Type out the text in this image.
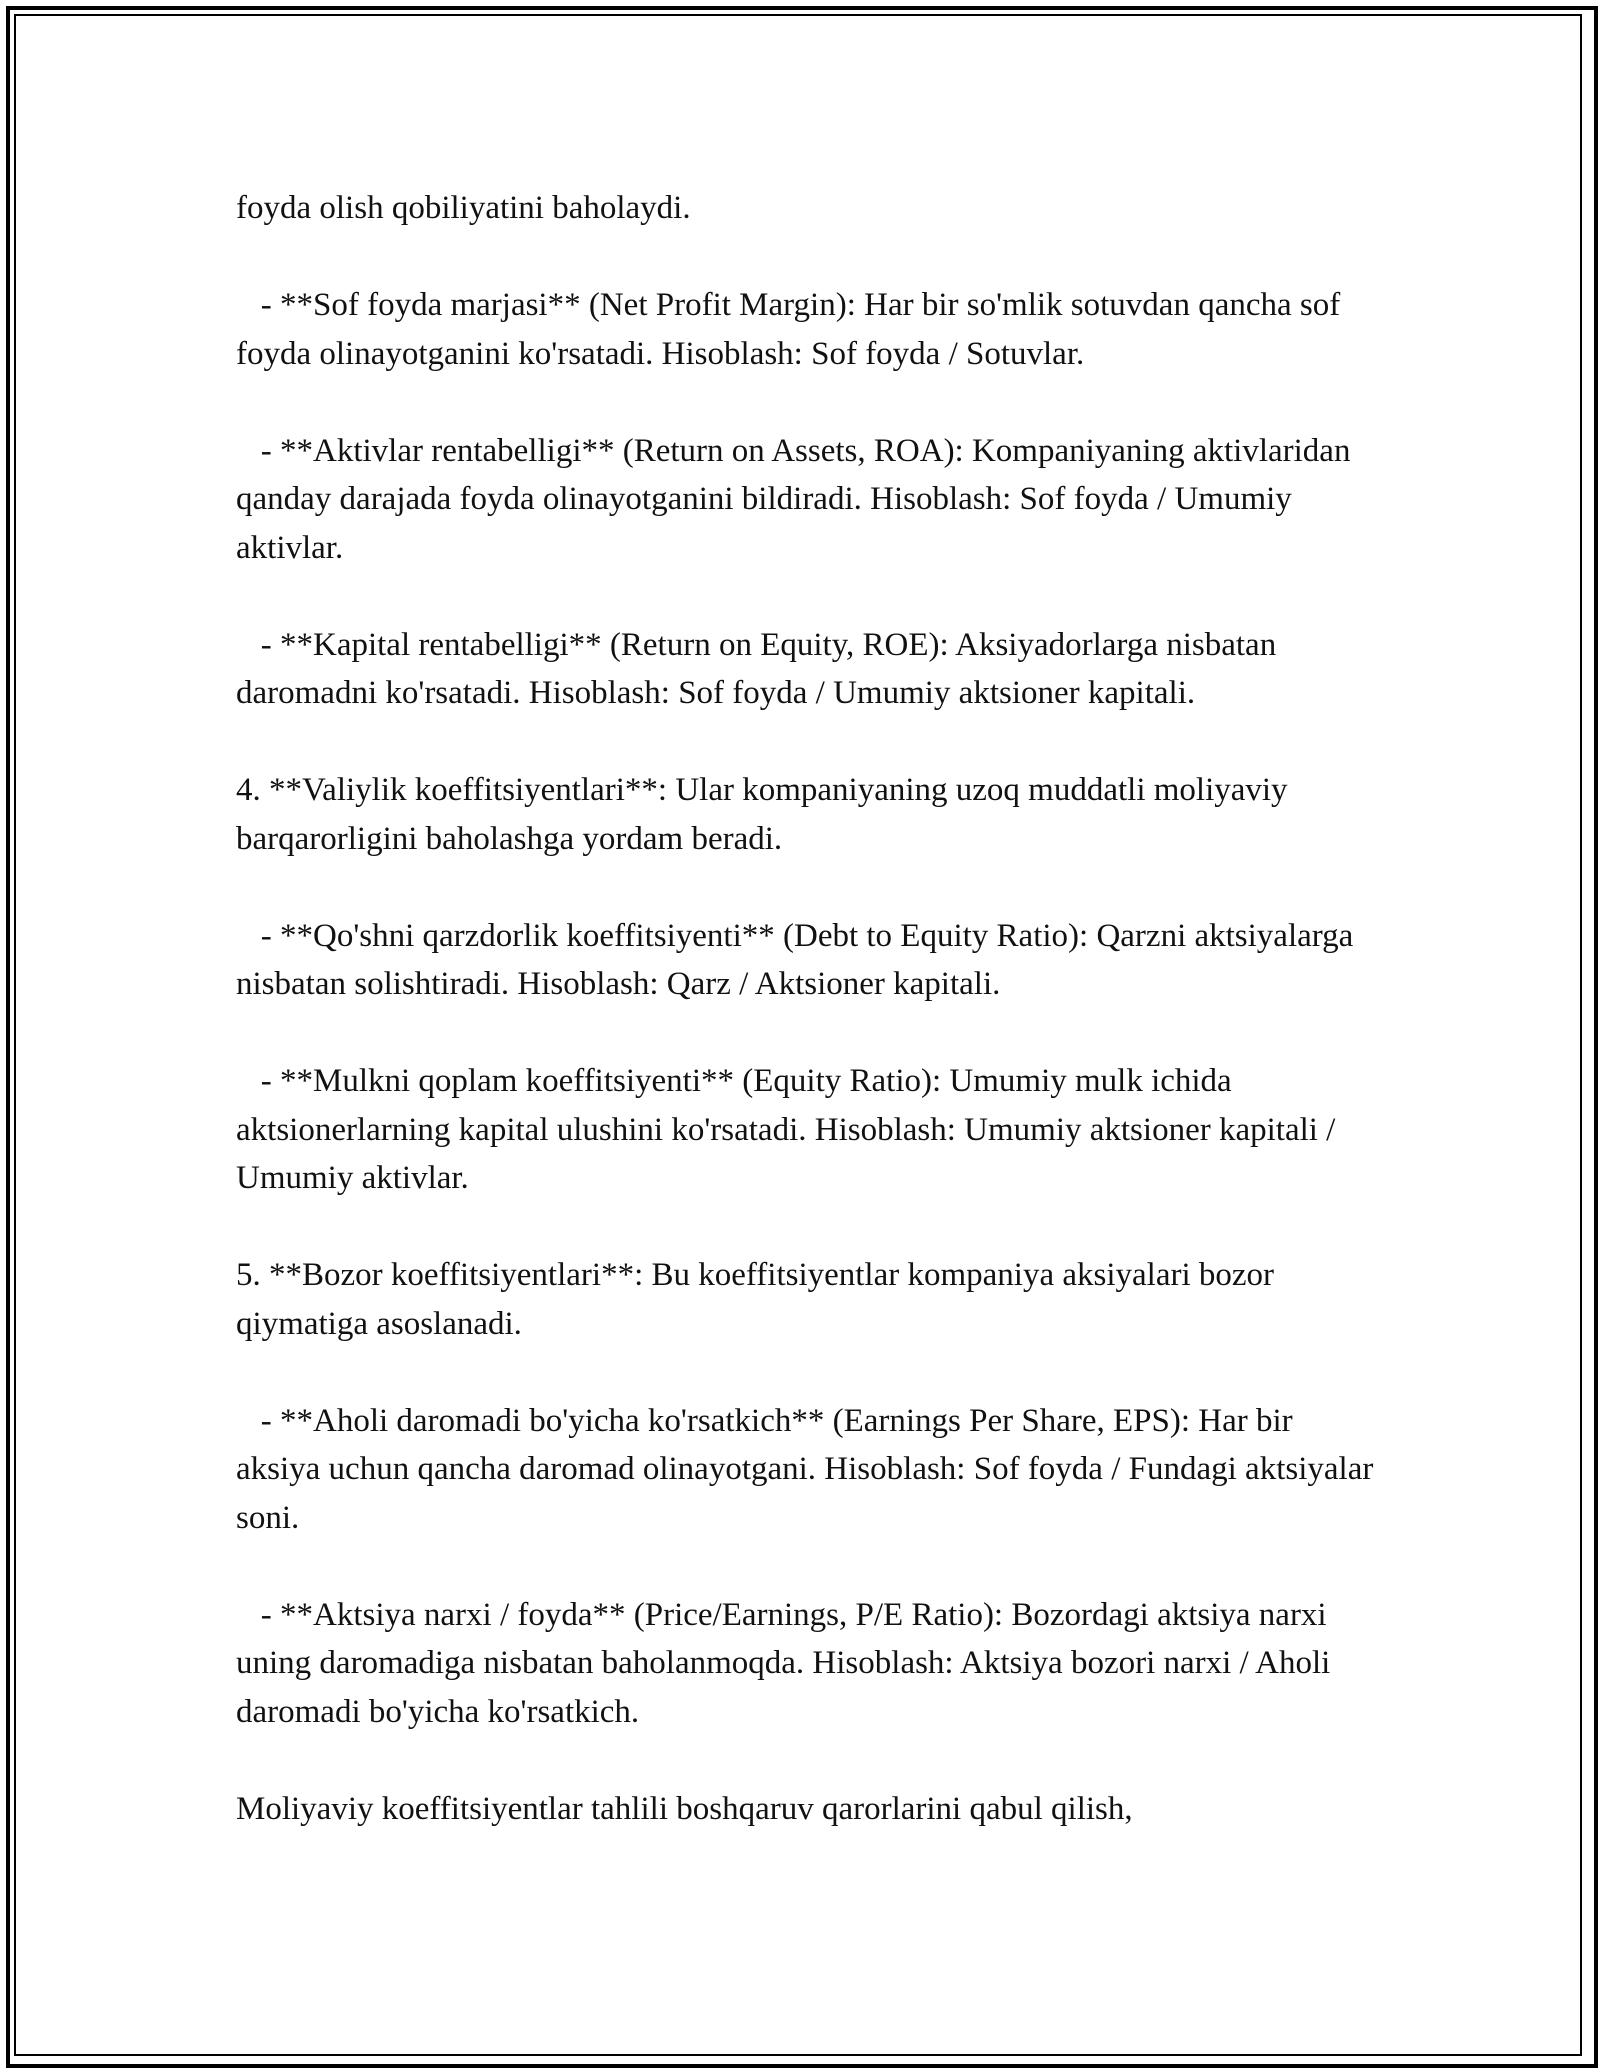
foyda olish qobiliyatini baholaydi.

- **Sof foyda marjasi** (Net Profit Margin): Har bir so'mlik sotuvdan qancha sof foyda olinayotganini ko'rsatadi. Hisoblash: Sof foyda / Sotuvlar.

- **Aktivlar rentabelligi** (Return on Assets, ROA): Kompaniyaning aktivlaridan qanday darajada foyda olinayotganini bildiradi. Hisoblash: Sof foyda / Umumiy aktivlar.

- **Kapital rentabelligi** (Return on Equity, ROE): Aksiyadorlarga nisbatan daromadni ko'rsatadi. Hisoblash: Sof foyda / Umumiy aktsioner kapitali.

4. **Valiylik koeffitsiyentlari**: Ular kompaniyaning uzoq muddatli moliyaviy barqarorligini baholashga yordam beradi.

- **Qo'shni qarzdorlik koeffitsiyenti** (Debt to Equity Ratio): Qarzni aktsiyalarga nisbatan solishtiradi. Hisoblash: Qarz / Aktsioner kapitali.

- **Mulkni qoplam koeffitsiyenti** (Equity Ratio): Umumiy mulk ichida aktsionerlarning kapital ulushini ko'rsatadi. Hisoblash: Umumiy aktsioner kapitali / Umumiy aktivlar.

5. **Bozor koeffitsiyentlari**: Bu koeffitsiyentlar kompaniya aksiyalari bozor qiymatiga asoslanadi.

- **Aholi daromadi bo'yicha ko'rsatkich** (Earnings Per Share, EPS): Har bir aksiya uchun qancha daromad olinayotgani. Hisoblash: Sof foyda / Fundagi aktsiyalar soni.

- **Aktsiya narxi / foyda** (Price/Earnings, P/E Ratio): Bozordagi aktsiya narxi uning daromadiga nisbatan baholanmoqda. Hisoblash: Aktsiya bozori narxi / Aholi daromadi bo'yicha ko'rsatkich.

Moliyaviy koeffitsiyentlar tahlili boshqaruv qarorlarini qabul qilish,
